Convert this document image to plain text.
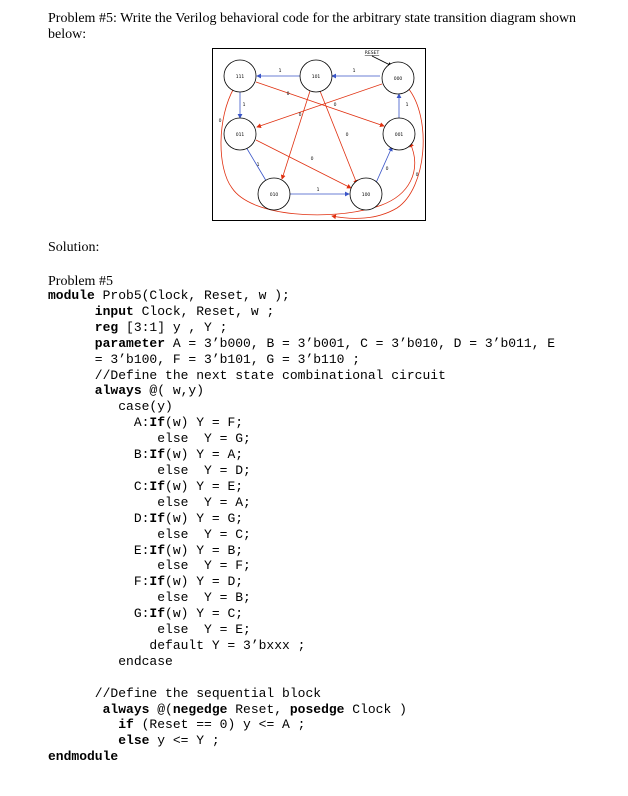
Problem #5: Write the Verilog behavioral code for the arbitrary state transition diagram shown below:
111	101	000
011	001
010	100
RESET
1	1
0
0
0
0
1
0
1
1
0
1
0
0
Solution:
Problem #5
module Prob5(Clock, Reset, w );
input Clock, Reset, w ;
reg [3:1] y , Y ;
parameter A = 3’b000, B = 3’b001, C = 3’b010, D = 3’b011, E
= 3’b100, F = 3’b101, G = 3’b110 ;
//Define the next state combinational circuit
always @( w,y)
case(y)
A:If(w) Y = F;
else  Y = G;
B:If(w) Y = A;
else  Y = D;
C:If(w) Y = E;
else  Y = A;
D:If(w) Y = G;
else  Y = C;
E:If(w) Y = B;
else  Y = F;
F:If(w) Y = D;
else  Y = B;
G:If(w) Y = C;
else  Y = E;
default Y = 3’bxxx ;
endcase

//Define the sequential block
always @(negedge Reset, posedge Clock )
if (Reset == 0) y <= A ;
else y <= Y ;
endmodule
